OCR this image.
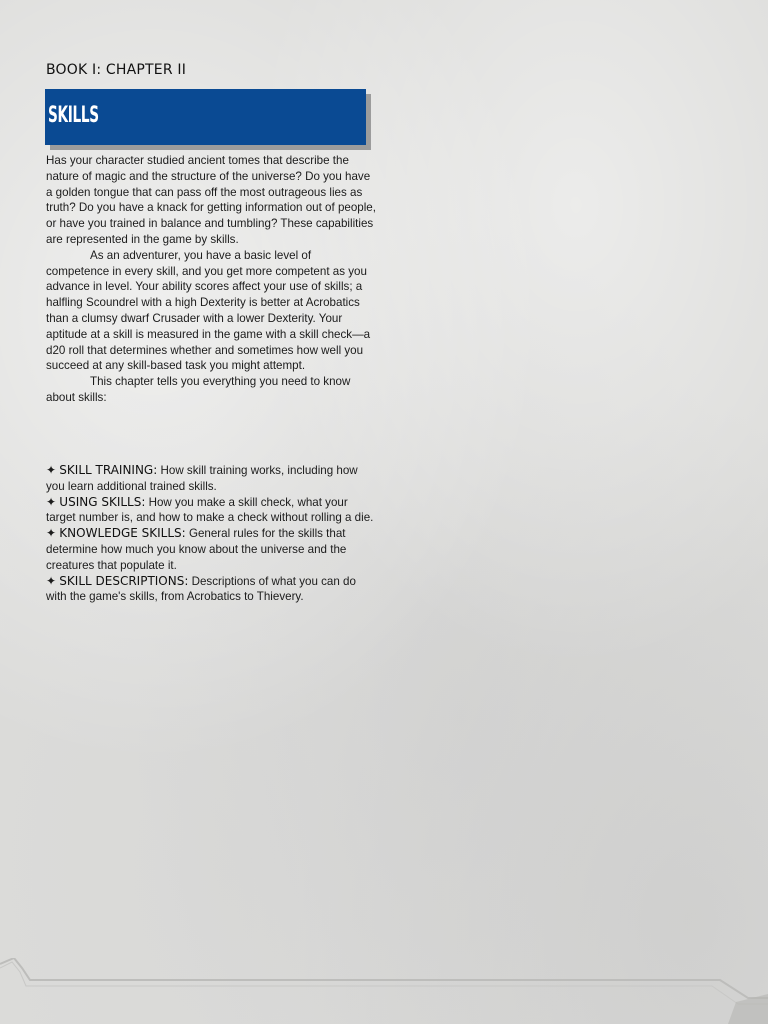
BOOK I: CHAPTER II
SKILLS

Has your character studied ancient tomes that describe the nature of magic and the structure of the universe? Do you have a golden tongue that can pass off the most outrageous lies as truth? Do you have a knack for getting information out of people, or have you trained in balance and tumbling? These capabilities are represented in the game by skills.

As an adventurer, you have a basic level of competence in every skill, and you get more competent as you advance in level. Your ability scores affect your use of skills; a halfling Scoundrel with a high Dexterity is better at Acrobatics than a clumsy dwarf Crusader with a lower Dexterity. Your aptitude at a skill is measured in the game with a skill check—a d20 roll that determines whether and sometimes how well you succeed at any skill-based task you might attempt.

This chapter tells you everything you need to know about skills:

✦ SKILL TRAINING: How skill training works, including how you learn additional trained skills.

✦ USING SKILLS: How you make a skill check, what your target number is, and how to make a check without rolling a die.

✦ KNOWLEDGE SKILLS: General rules for the skills that determine how much you know about the universe and the creatures that populate it.

✦ SKILL DESCRIPTIONS: Descriptions of what you can do with the game's skills, from Acrobatics to Thievery.
